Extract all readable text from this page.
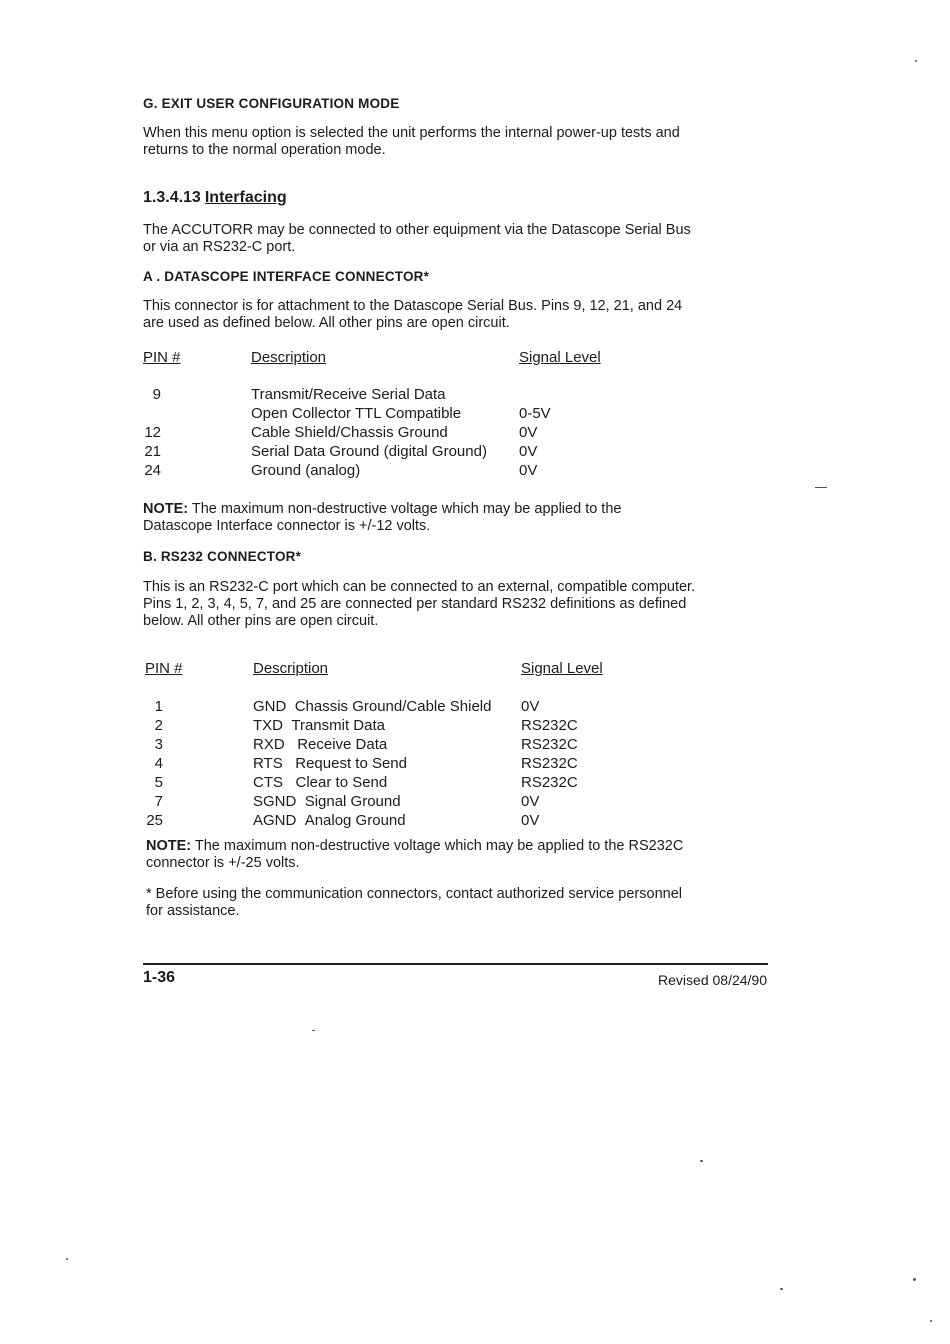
G. EXIT USER CONFIGURATION MODE
When this menu option is selected the unit performs the internal power-up tests and
returns to the normal operation mode.
1.3.4.13 Interfacing
The ACCUTORR may be connected to other equipment via the Datascope Serial Bus
or via an RS232-C port.
A . DATASCOPE INTERFACE CONNECTOR*
This connector is for attachment to the Datascope Serial Bus. Pins 9, 12, 21, and 24
are used as defined below. All other pins are open circuit.
PIN #	Description	Signal Level
9	Transmit/Receive Serial Data
Open Collector TTL Compatible	0-5V
12	Cable Shield/Chassis Ground	0V
21	Serial Data Ground (digital Ground) 0V
24	Ground (analog)	0V
NOTE: The maximum non-destructive voltage which may be applied to the
Datascope Interface connector is +/-12 volts.
B. RS232 CONNECTOR*
This is an RS232-C port which can be connected to an external, compatible computer.
Pins 1, 2, 3, 4, 5, 7, and 25 are connected per standard RS232 definitions as defined
below. All other pins are open circuit.
PIN #	Description	Signal Level
1	GND Chassis Ground/Cable Shield 0V
2	TXD Transmit Data	RS232C
3	RXD Receive Data	RS232C
4	RTS Request to Send	RS232C
5	CTS Clear to Send	RS232C
7	SGND Signal Ground	0V
25	AGND Analog Ground	0V
NOTE: The maximum non-destructive voltage which may be applied to the RS232C
connector is +/-25 volts.
* Before using the communication connectors, contact authorized service personnel
for assistance.
1-36	Revised 08/24/90
